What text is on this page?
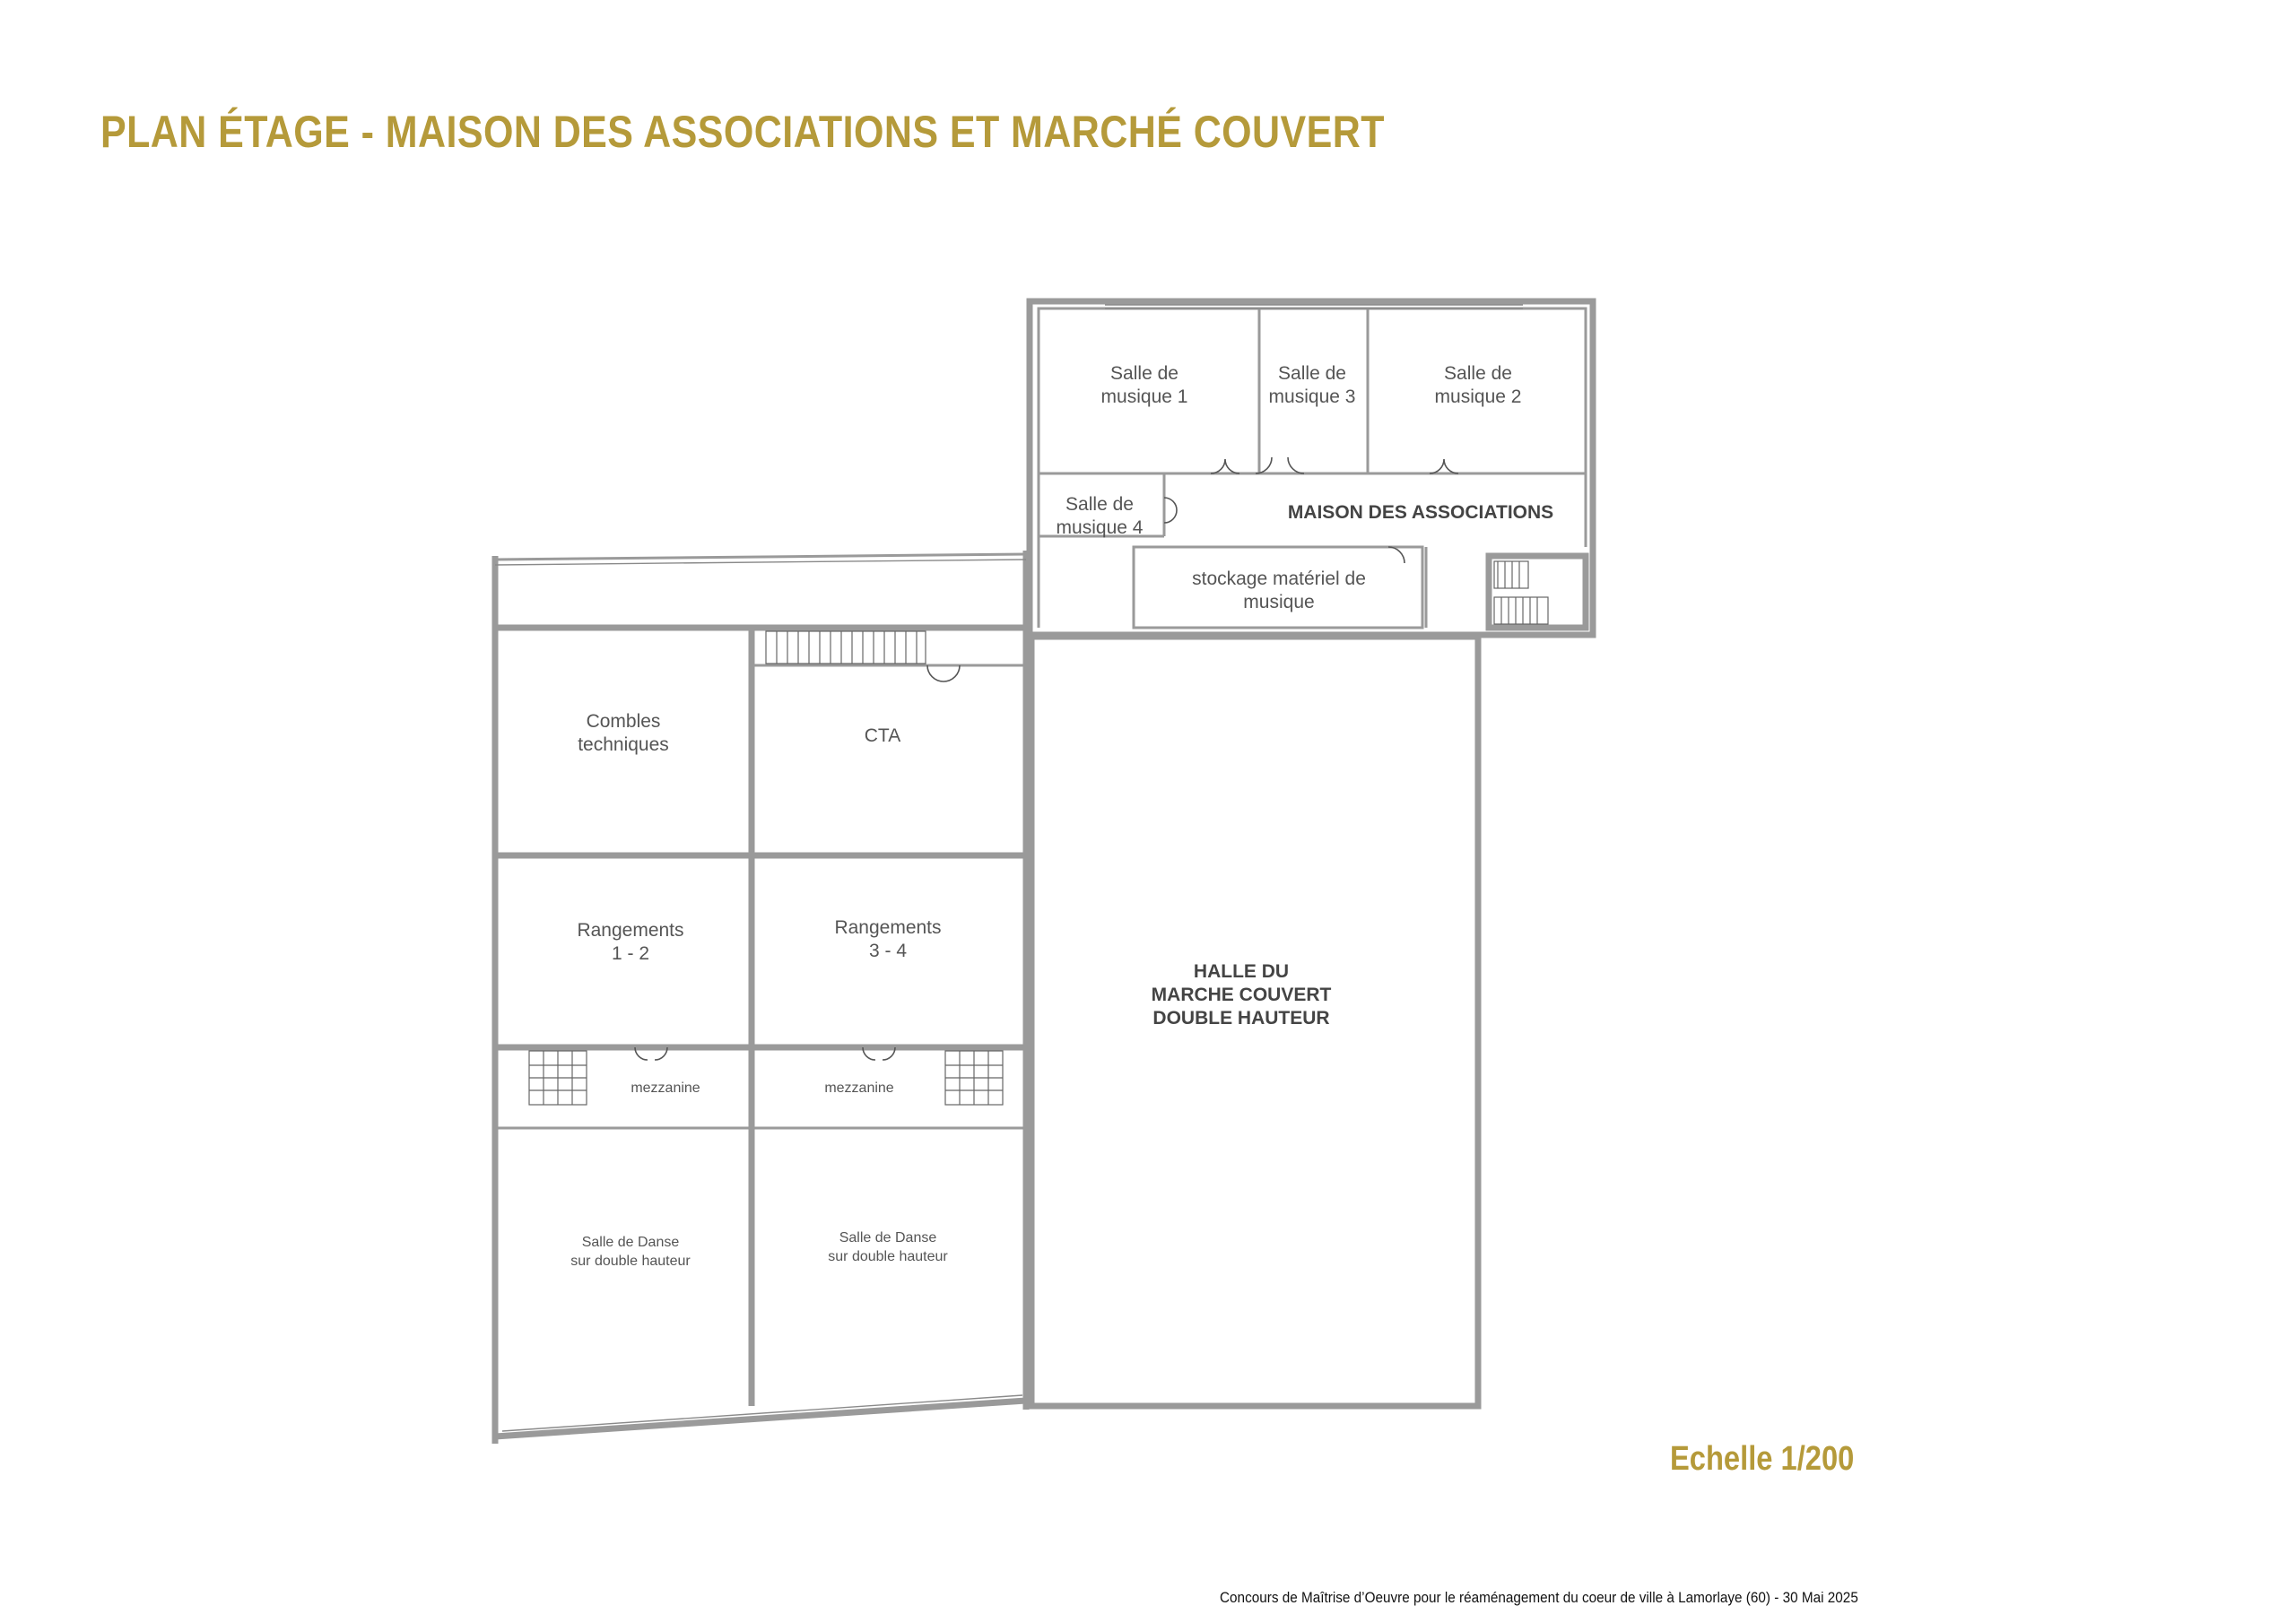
PLAN ÉTAGE - MAISON DES ASSOCIATIONS ET MARCHÉ COUVERT
Salle de
musique 1
Salle de
musique 3
Salle de
musique 2
Salle de
musique 4
stockage matériel de
musique
Combles
techniques	CTA
Rangements
1 - 2
Rangements
3 - 4
MAISON DES ASSOCIATIONS
mezzanine	mezzanine
Salle de Danse
sur double hauteur
Salle de Danse
sur double hauteur
HALLE DU
MARCHE COUVERT
DOUBLE HAUTEUR
Echelle 1/200
Concours de Maîtrise d’Oeuvre pour le réaménagement du coeur de ville à Lamorlaye (60) - 30 Mai 2025
